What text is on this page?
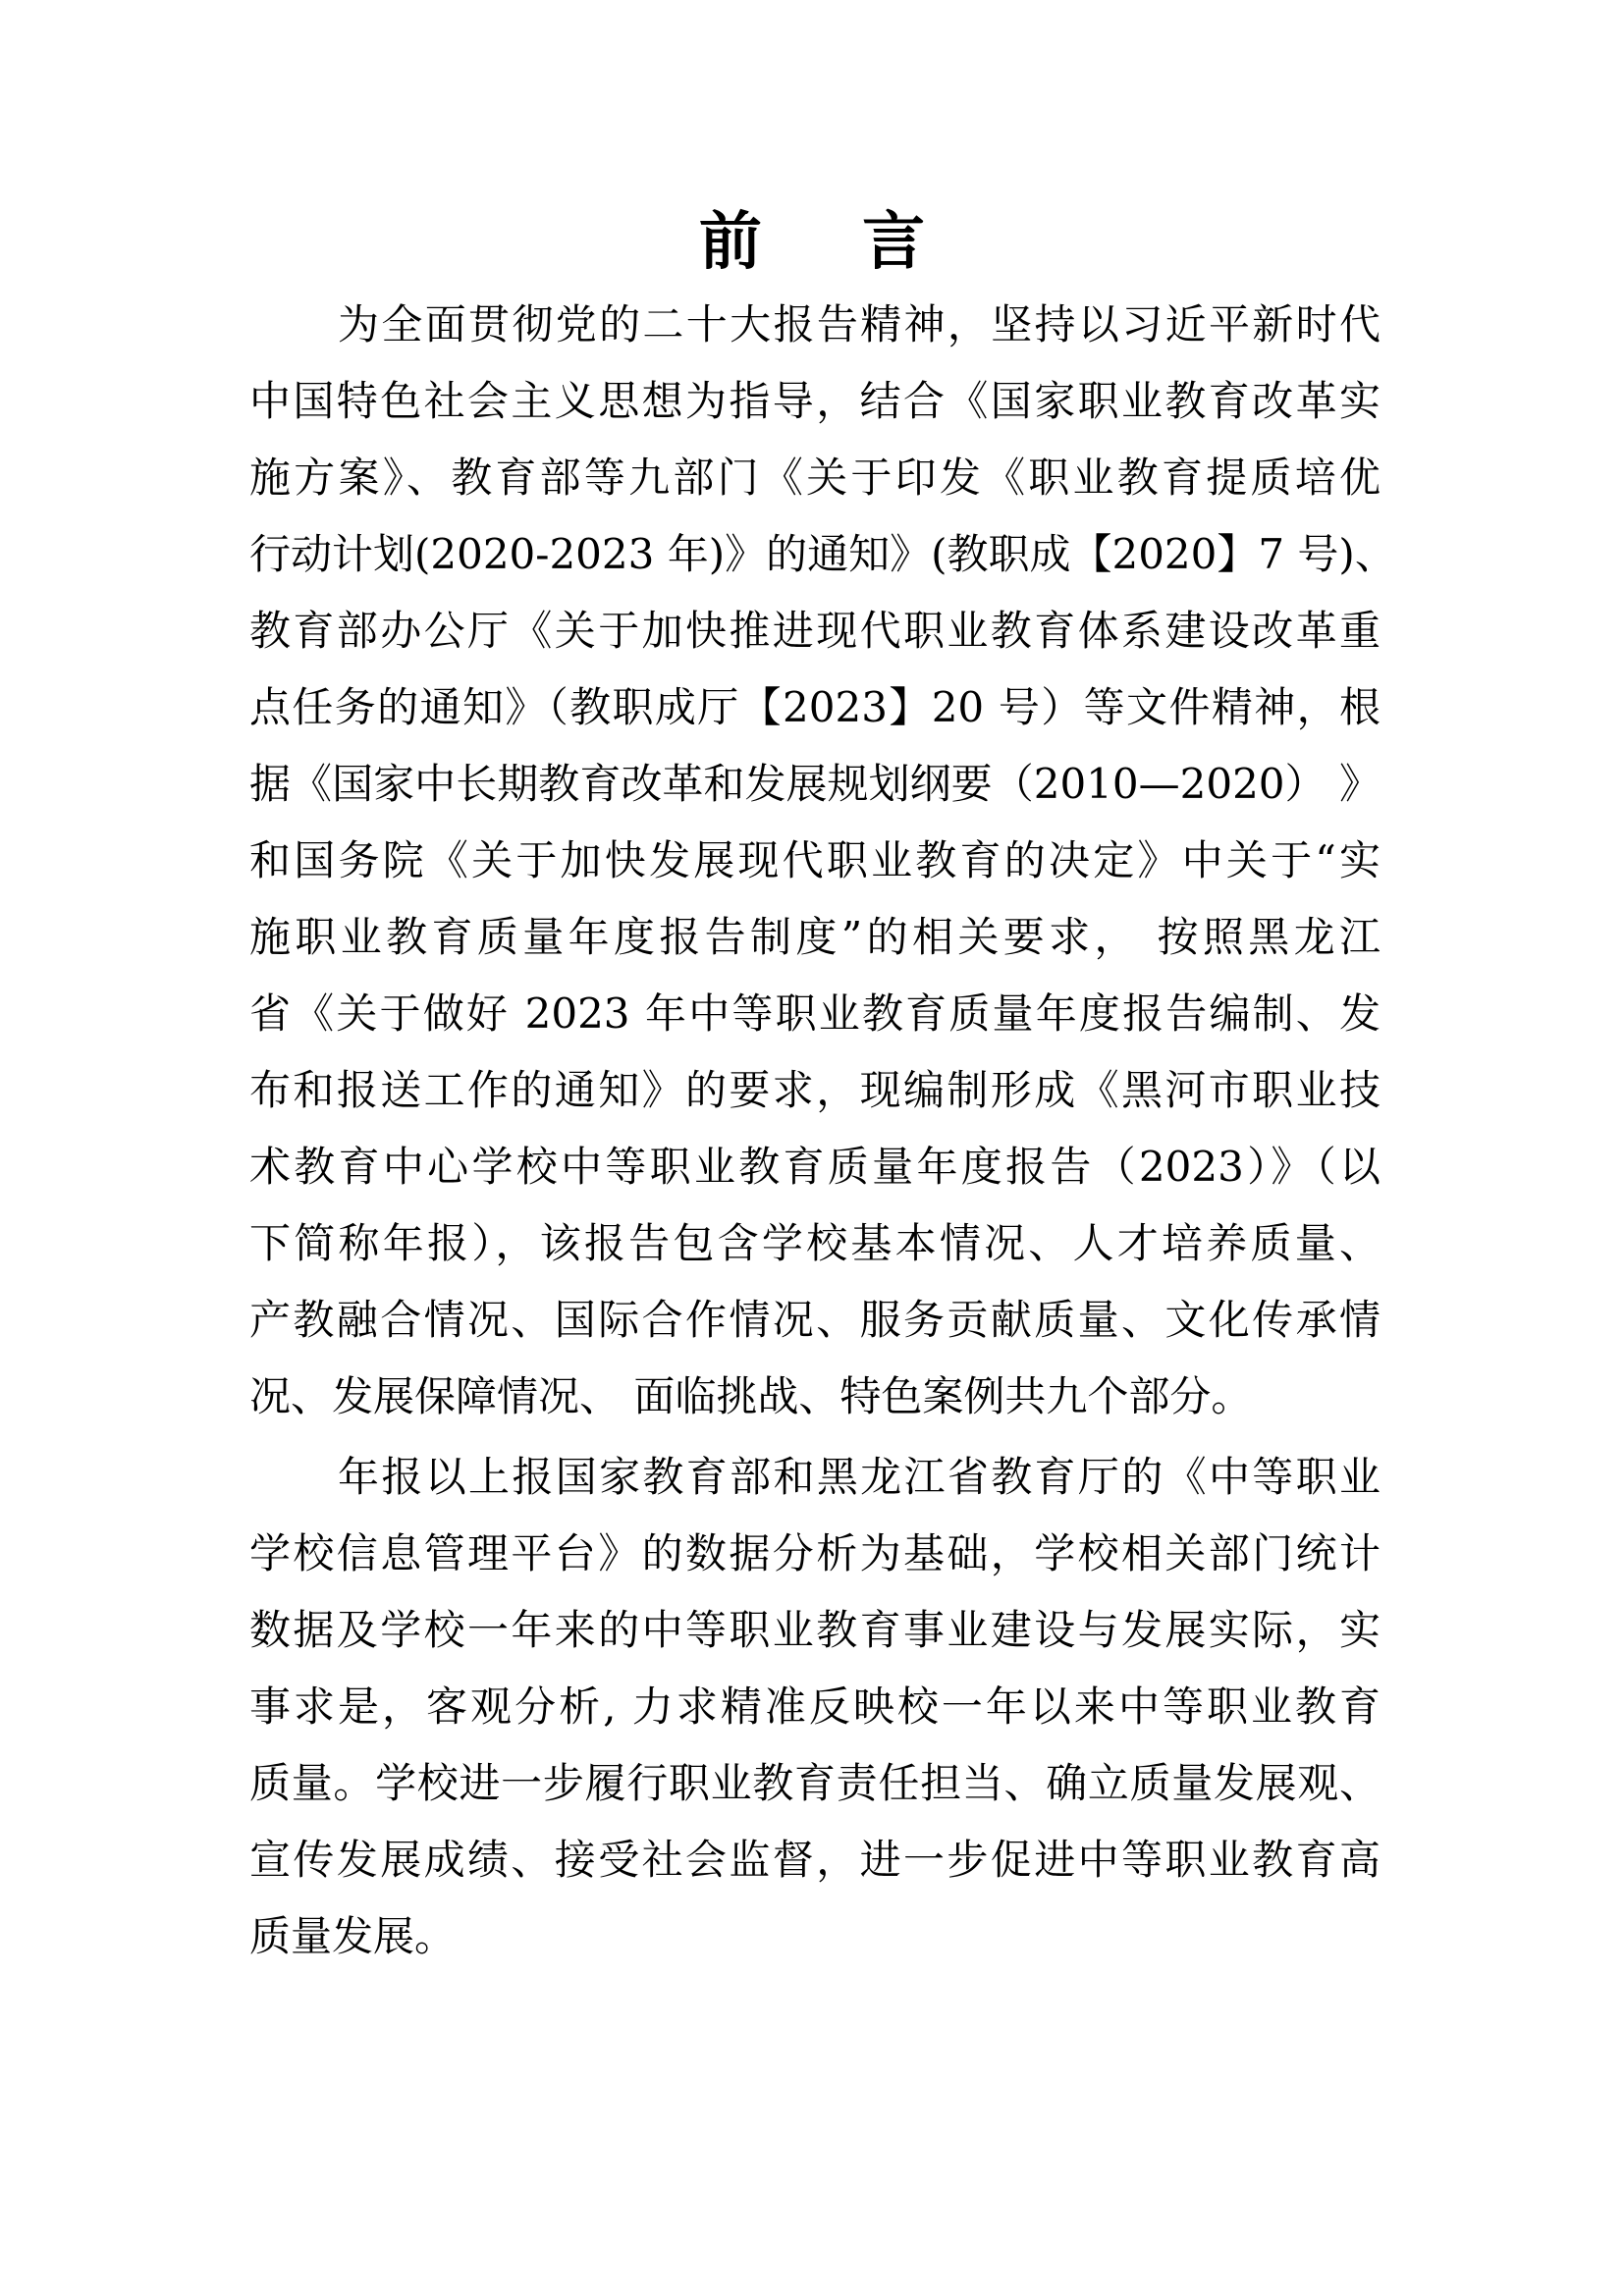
前 言
为全面贯彻党的二十大报告精神，坚持以习近平新时代
中国特色社会主义思想为指导，结合《国家职业教育改革实
施方案》、教育部等九部门《关于印发《职业教育提质培优
行动计划(2020-2023 年)》的通知》(教职成【2020】7 号)、
教育部办公厅《关于加快推进现代职业教育体系建设改革重
点任务的通知》（教职成厅【2023】20 号）等文件精神，根
据《国家中长期教育改革和发展规划纲要（2010—2020） 》
和国务院《关于加快发展现代职业教育的决定》中关于“实
施职业教育质量年度报告制度”的相关要求， 按照黑龙江
省《关于做好 2023 年中等职业教育质量年度报告编制、发
布和报送工作的通知》的要求，现编制形成《黑河市职业技
术教育中心学校中等职业教育质量年度报告（2023）》（以
下简称年报），该报告包含学校基本情况、人才培养质量、
产教融合情况、国际合作情况、服务贡献质量、文化传承情
况、发展保障情况、 面临挑战、特色案例共九个部分。
年报以上报国家教育部和黑龙江省教育厅的《中等职业
学校信息管理平台》的数据分析为基础，学校相关部门统计
数据及学校一年来的中等职业教育事业建设与发展实际，实
事求是，客观分析, 力求精准反映校一年以来中等职业教育
质量。学校进一步履行职业教育责任担当、确立质量发展观、
宣传发展成绩、接受社会监督，进一步促进中等职业教育高
质量发展。
